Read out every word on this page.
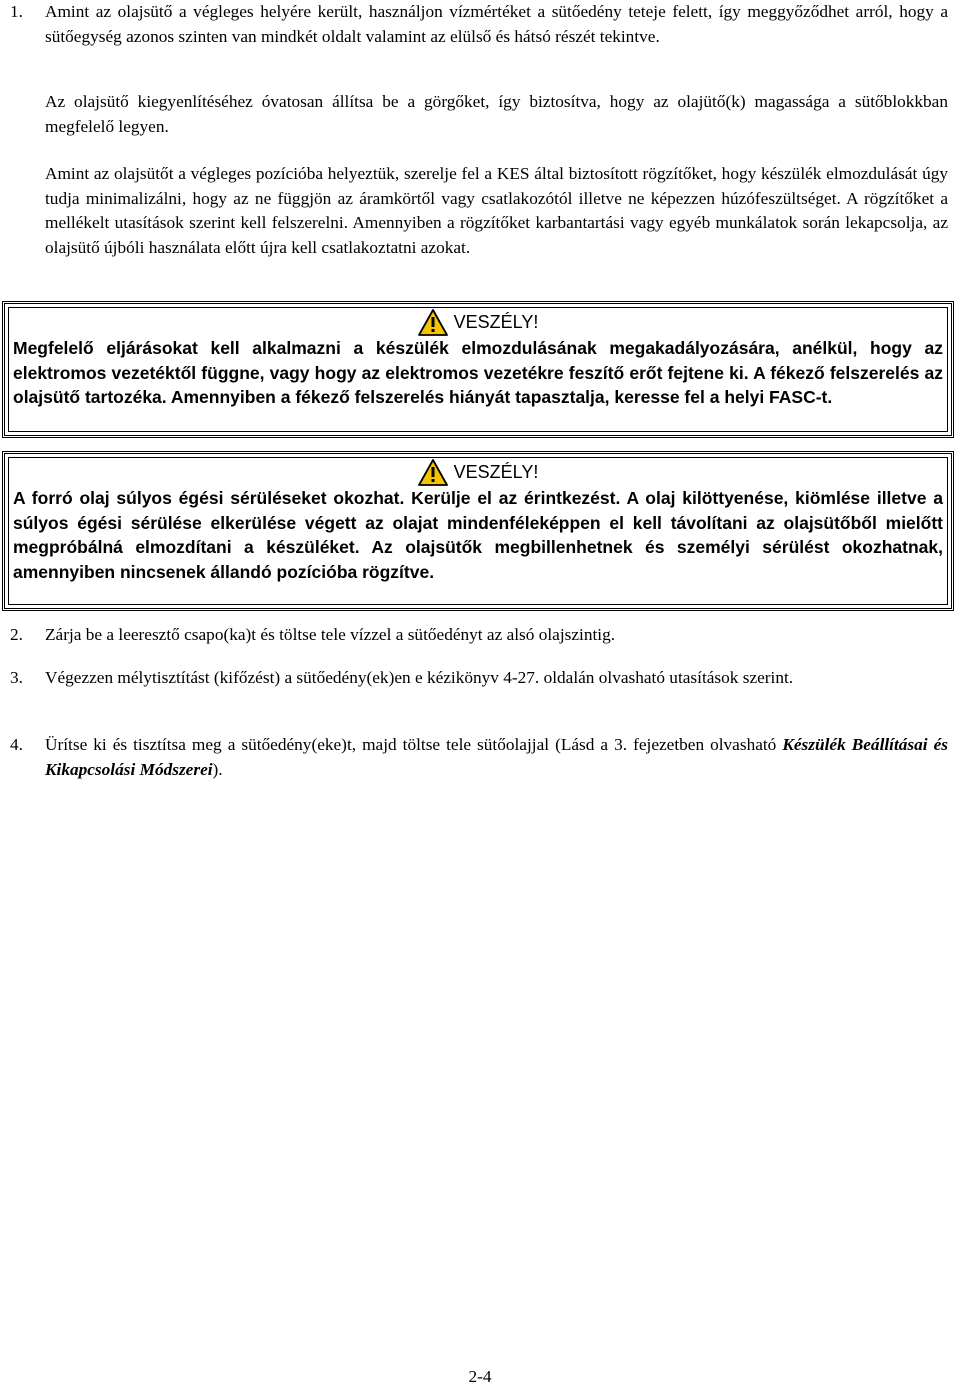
1. Amint az olajsütő a végleges helyére került, használjon vízmértéket a sütőedény teteje felett, így meggyőződhet arról, hogy a sütőegység azonos szinten van mindkét oldalt valamint az elülső és hátsó részét tekintve.
Az olajsütő kiegyenlítéséhez óvatosan állítsa be a görgőket, így biztosítva, hogy az olajütő(k) magassága a sütőblokkban megfelelő legyen.
Amint az olajsütőt a végleges pozícióba helyeztük, szerelje fel a KES által biztosított rögzítőket, hogy készülék elmozdulását úgy tudja minimalizálni, hogy az ne függjön az áramkörtől vagy csatlakozótól illetve ne képezzen húzófeszültséget. A rögzítőket a mellékelt utasítások szerint kell felszerelni. Amennyiben a rögzítőket karbantartási vagy egyéb munkálatok során lekapcsolja, az olajsütő újbóli használata előtt újra kell csatlakoztatni azokat.
VESZÉLY!
Megfelelő eljárásokat kell alkalmazni a készülék elmozdulásának megakadályozására, anélkül, hogy az elektromos vezetéktől függne, vagy hogy az elektromos vezetékre feszítő erőt fejtene ki. A fékező felszerelés az olajsütő tartozéka. Amennyiben a fékező felszerelés hiányát tapasztalja, keresse fel a helyi FASC-t.
VESZÉLY!
A forró olaj súlyos égési sérüléseket okozhat. Kerülje el az érintkezést. A olaj kilöttyenése, kiömlése illetve a súlyos égési sérülése elkerülése végett az olajat mindenféleképpen el kell távolítani az olajsütőből mielőtt megpróbálná elmozdítani a készüléket. Az olajsütők megbillenhetnek és személyi sérülést okozhatnak, amennyiben nincsenek állandó pozícióba rögzítve.
2. Zárja be a leeresztő csapo(ka)t és töltse tele vízzel a sütőedényt az alsó olajszintig.
3. Végezzen mélytisztítást (kifőzést) a sütőedény(ek)en e kézikönyv 4-27. oldalán olvasható utasítások szerint.
4. Ürítse ki és tisztítsa meg a sütőedény(eke)t, majd töltse tele sütőolajjal (Lásd a 3. fejezetben olvasható Készülék Beállításai és Kikapcsolási Módszerei).
2-4
